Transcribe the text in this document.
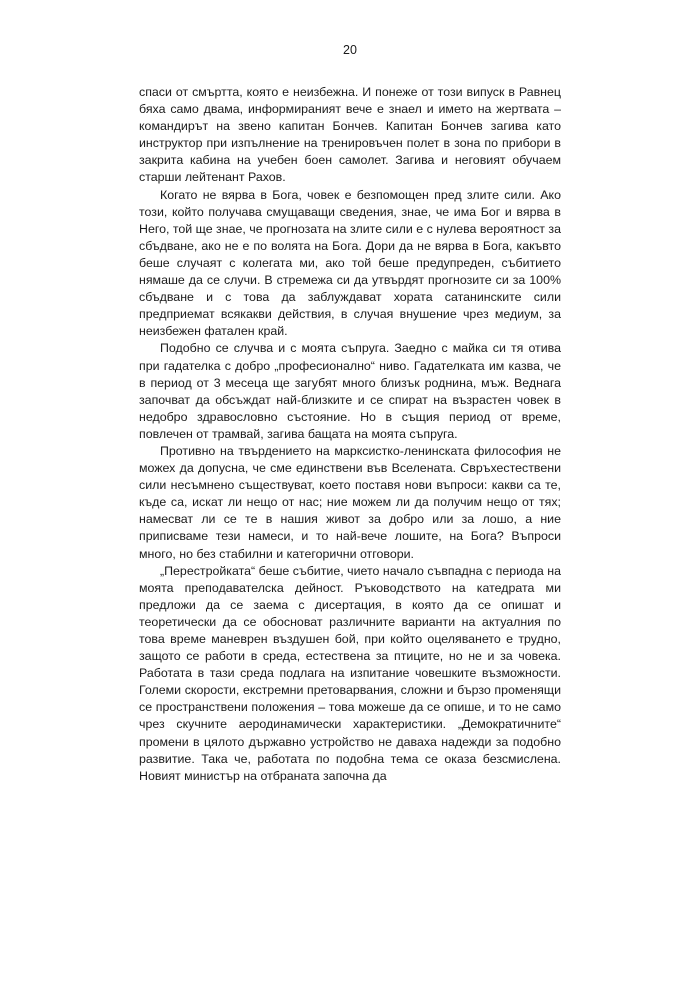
20

спаси от смъртта, която е неизбежна. И понеже от този випуск в Равнец бяха само двама, информираният вече е знаел и името на жертвата – командирът на звено капитан Бончев. Капитан Бончев загива като инструктор при изпълнение на тренировъчен полет в зона по прибори в закрита кабина на учебен боен самолет. Загива и неговият обучаем старши лейтенант Рахов.

Когато не вярва в Бога, човек е безпомощен пред злите сили. Ако този, който получава смущаващи сведения, знае, че има Бог и вярва в Него, той ще знае, че прогнозата на злите сили е с нулева вероятност за сбъдване, ако не е по волята на Бога. Дори да не вярва в Бога, какъвто беше случаят с колегата ми, ако той беше предупреден, събитието нямаше да се случи. В стремежа си да утвърдят прогнозите си за 100% сбъдване и с това да заблуждават хората сатанинските сили предприемат всякакви действия, в случая внушение чрез медиум, за неизбежен фатален край.

Подобно се случва и с моята съпруга. Заедно с майка си тя отива при гадателка с добро „професионално“ ниво. Гадателката им казва, че в период от 3 месеца ще загубят много близък роднина, мъж. Веднага започват да обсъждат най-близките и се спират на възрастен човек в недобро здравословно състояние. Но в същия период от време, повлечен от трамвай, загива бащата на моята съпруга.

Противно на твърдението на марксистко-ленинската философия не можех да допусна, че сме единствени във Вселената. Свръхестествени сили несъмнено съществуват, което поставя нови въпроси: какви са те, къде са, искат ли нещо от нас; ние можем ли да получим нещо от тях; намесват ли се те в нашия живот за добро или за лошо, а ние приписваме тези намеси, и то най-вече лошите, на Бога? Въпроси много, но без стабилни и категорични отговори.

„Перестройката“ беше събитие, чието начало съвпадна с периода на моята преподавателска дейност. Ръководството на катедрата ми предложи да се заема с дисертация, в която да се опишат и теоретически да се обосноват различните варианти на актуалния по това време маневрен въздушен бой, при който оцеляването е трудно, защото се работи в среда, естествена за птиците, но не и за човека. Работата в тази среда подлага на изпитание човешките възможности. Големи скорости, екстремни претоварвания, сложни и бързо променящи се пространствени положения – това можеше да се опише, и то не само чрез скучните аеродинамически характеристики. „Демократичните“ промени в цялото държавно устройство не даваха надежди за подобно развитие. Така че, работата по подобна тема се оказа безсмислена. Новият министър на отбраната започна да
